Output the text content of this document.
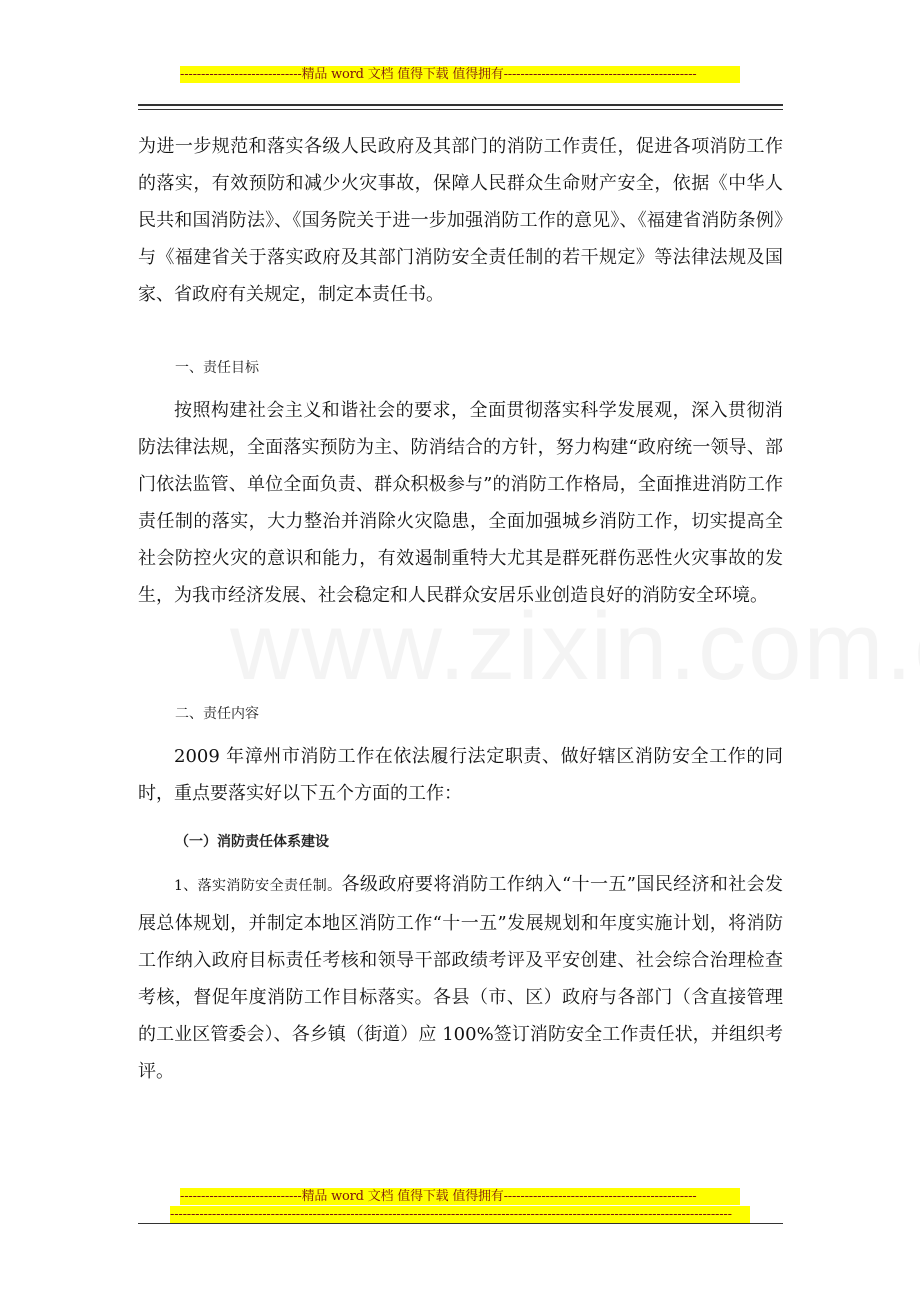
-----------------------------精品 word 文档 值得下载 值得拥有----------------------------------------------
为进一步规范和落实各级人民政府及其部门的消防工作责任，促进各项消防工作的落实，有效预防和减少火灾事故，保障人民群众生命财产安全，依据《中华人民共和国消防法》、《国务院关于进一步加强消防工作的意见》、《福建省消防条例》与《福建省关于落实政府及其部门消防安全责任制的若干规定》等法律法规及国家、省政府有关规定，制定本责任书。
一、责任目标
按照构建社会主义和谐社会的要求，全面贯彻落实科学发展观，深入贯彻消防法律法规，全面落实预防为主、防消结合的方针，努力构建“政府统一领导、部门依法监管、单位全面负责、群众积极参与”的消防工作格局，全面推进消防工作责任制的落实，大力整治并消除火灾隐患，全面加强城乡消防工作，切实提高全社会防控火灾的意识和能力，有效遏制重特大尤其是群死群伤恶性火灾事故的发生，为我市经济发展、社会稳定和人民群众安居乐业创造良好的消防安全环境。
二、责任内容
2009 年漳州市消防工作在依法履行法定职责、做好辖区消防安全工作的同时，重点要落实好以下五个方面的工作：
（一）消防责任体系建设
1、落实消防安全责任制。各级政府要将消防工作纳入“十一五”国民经济和社会发展总体规划，并制定本地区消防工作“十一五”发展规划和年度实施计划，将消防工作纳入政府目标责任考核和领导干部政绩考评及平安创建、社会综合治理检查考核，督促年度消防工作目标落实。各县（市、区）政府与各部门（含直接管理的工业区管委会）、各乡镇（街道）应 100%签订消防安全工作责任状，并组织考评。
-----------------------------精品 word 文档 值得下载 值得拥有----------------------------------------------
--------------------------------------------------------------------------------------------------------------------------------------
